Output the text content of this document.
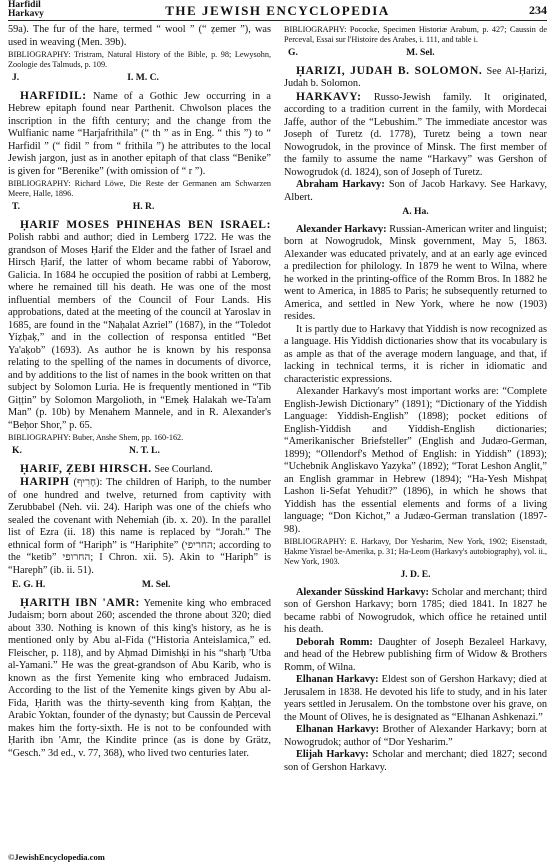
Harfidil
Harkavy	THE JEWISH ENCYCLOPEDIA	234

59a). The fur of the hare, termed “ wool ” (“ ẓemer ”), was used in weaving (Men. 39b).

BIBLIOGRAPHY: Tristram, Natural History of the Bible, p. 98; Lewysohn, Zoologie des Talmuds, p. 109.

J.	I. M. C.

HARFIDIL: Name of a Gothic Jew occurring in a Hebrew epitaph found near Parthenit. Chwolson places the inscription in the fifth century; and the change from the Wulfianic name “Harjafrithila” (“ th ” as in Eng. “ this ”) to “ Harfidil ” (“ fidil ” from “ frithila ”) he attributes to the local Jewish jargon, just as in another epitaph of that class “Benike” is given for “Berenike” (with omission of “ r ”).

BIBLIOGRAPHY: Richard Löwe, Die Reste der Germanen am Schwarzen Meere, Halle, 1896.

T.	H. R.

ḤARIF MOSES PHINEHAS BEN ISRAEL: Polish rabbi and author; died in Lemberg 1722. He was the grandson of Moses Ḥarif the Elder and the father of Israel and Hirsch Ḥarif, the latter of whom became rabbi of Yaborow, Galicia. In 1684 he occupied the position of rabbi at Lemberg, where he remained till his death. He was one of the most influential members of the Council of Four Lands. His approbations, dated at the meeting of the council at Yaroslav in 1685, are found in the “Naḥalat Azriel” (1687), in the “Toledot Yiẓḥaḳ,” and in the collection of responsa entitled “Bet Ya'aḳob” (1693). As author he is known by his responsa relating to the spelling of the names in documents of divorce, and by additions to the list of names in the book written on that subject by Solomon Luria. He is frequently mentioned in “Tib Giṭṭin” by Solomon Margolioth, in “Emeḳ Halakah we-Ta'am Man” (p. 10b) by Menahem Mannele, and in R. Alexander's “Beḥor Shor,” p. 65.

BIBLIOGRAPHY: Buber, Anshe Shem, pp. 160-162.

K.	N. T. L.

ḤARIF, ẒEBI HIRSCH. See Courland.

HARIPH (חָרִיף): The children of Hariph, to the number of one hundred and twelve, returned from captivity with Zerubbabel (Neh. vii. 24). Hariph was one of the chiefs who sealed the covenant with Nehemiah (ib. x. 20). In the parallel list of Ezra (ii. 18) this name is replaced by “Jorah.” The ethnical form of “Hariph” is “Hariphite” (החריפי; according to the “ketib” החרופי; I Chron. xii. 5). Akin to “Hariph” is “Hareph” (ib. ii. 51).

E. G. H.	M. Sel.

ḤARITH IBN 'AMR: Yemenite king who embraced Judaism; born about 260; ascended the throne about 320; died about 330. Nothing is known of this king's history, as he is mentioned only by Abu al-Fida (“Historia Anteislamica,” ed. Fleischer, p. 118), and by Aḥmad Dimishḳi in his “sharḥ 'Utba al-Yamani.” He was the great-grandson of Abu Karib, who is known as the first Yemenite king who embraced Judaism. According to the list of the Yemenite kings given by Abu al-Fida, Ḥarith was the thirty-seventh king from Ḳaḥṭan, the Arabic Yoktan, founder of the dynasty; but Caussin de Perceval makes him the forty-sixth. He is not to be confounded with Ḥarith ibn 'Amr, the Kindite prince (as is done by Grätz, “Gesch.” 3d ed., v. 77, 368), who lived two centuries later.

BIBLIOGRAPHY: Pococke, Specimen Historiæ Arabum, p. 427; Caussin de Perceval, Essai sur l'Histoire des Arabes, i. 111, and table i.

G.	M. Sel.

ḤARIZI, JUDAH B. SOLOMON. See Al-Ḥarizi, Judah b. Solomon.

HARKAVY: Russo-Jewish family. It originated, according to a tradition current in the family, with Mordecai Jaffe, author of the “Lebushim.” The immediate ancestor was Joseph of Turetz (d. 1778), Turetz being a town near Nowogrudok, in the province of Minsk. The first member of the family to assume the name “Harkavy” was Gershon of Nowogrudok (d. 1824), son of Joseph of Turetz.

Abraham Harkavy: Son of Jacob Harkavy. See Harkavy, Albert.

A. Ha.

Alexander Harkavy: Russian-American writer and linguist; born at Nowogrudok, Minsk government, May 5, 1863. Alexander was educated privately, and at an early age evinced a predilection for philology. In 1879 he went to Wilna, where he worked in the printing-office of the Romm Bros. In 1882 he went to America, in 1885 to Paris; he subsequently returned to America, and settled in New York, where he now (1903) resides.

It is partly due to Harkavy that Yiddish is now recognized as a language. His Yiddish dictionaries show that its vocabulary is as ample as that of the average modern language, and that, if lacking in technical terms, it is richer in idiomatic and characteristic expressions.

Alexander Harkavy's most important works are: “Complete English-Jewish Dictionary” (1891); “Dictionary of the Yiddish Language: Yiddish-English” (1898); pocket editions of English-Yiddish and Yiddish-English dictionaries; “Amerikanischer Briefsteller” (English and Judæo-German, 1899); “Ollendorf's Method of English: in Yiddish” (1893); “Uchebnik Angliskavo Yazyka” (1892); “Torat Leshon Anglit,” an English grammar in Hebrew (1894); “Ha-Yesh Mishpaṭ Lashon li-Sefat Yehudit?” (1896), in which he shows that Yiddish has the essential elements and forms of a living language; “Don Kichot,” a Judæo-German translation (1897-98).

BIBLIOGRAPHY: E. Harkavy, Dor Yesharim, New York, 1902; Eisenstadt, Ḥakme Yisrael be-Amerika, p. 31; Ha-Leom (Harkavy's autobiography), vol. ii., New York, 1903.

J. D. E.

Alexander Süsskind Harkavy: Scholar and merchant; third son of Gershon Harkavy; born 1785; died 1841. In 1827 he became rabbi of Nowogrudok, which office he retained until his death.

Deborah Romm: Daughter of Joseph Bezaleel Harkavy, and head of the Hebrew publishing firm of Widow & Brothers Romm, of Wilna.

Elhanan Harkavy: Eldest son of Gershon Harkavy; died at Jerusalem in 1838. He devoted his life to study, and in his later years settled in Jerusalem. On the tombstone over his grave, on the Mount of Olives, he is designated as “Elhanan Ashkenazi.”

Elhanan Harkavy: Brother of Alexander Harkavy; born at Nowogrudok; author of “Dor Yesharim.”

Elijah Harkavy: Scholar and merchant; died 1827; second son of Gershon Harkavy.

©JewishEncyclopedia.com
